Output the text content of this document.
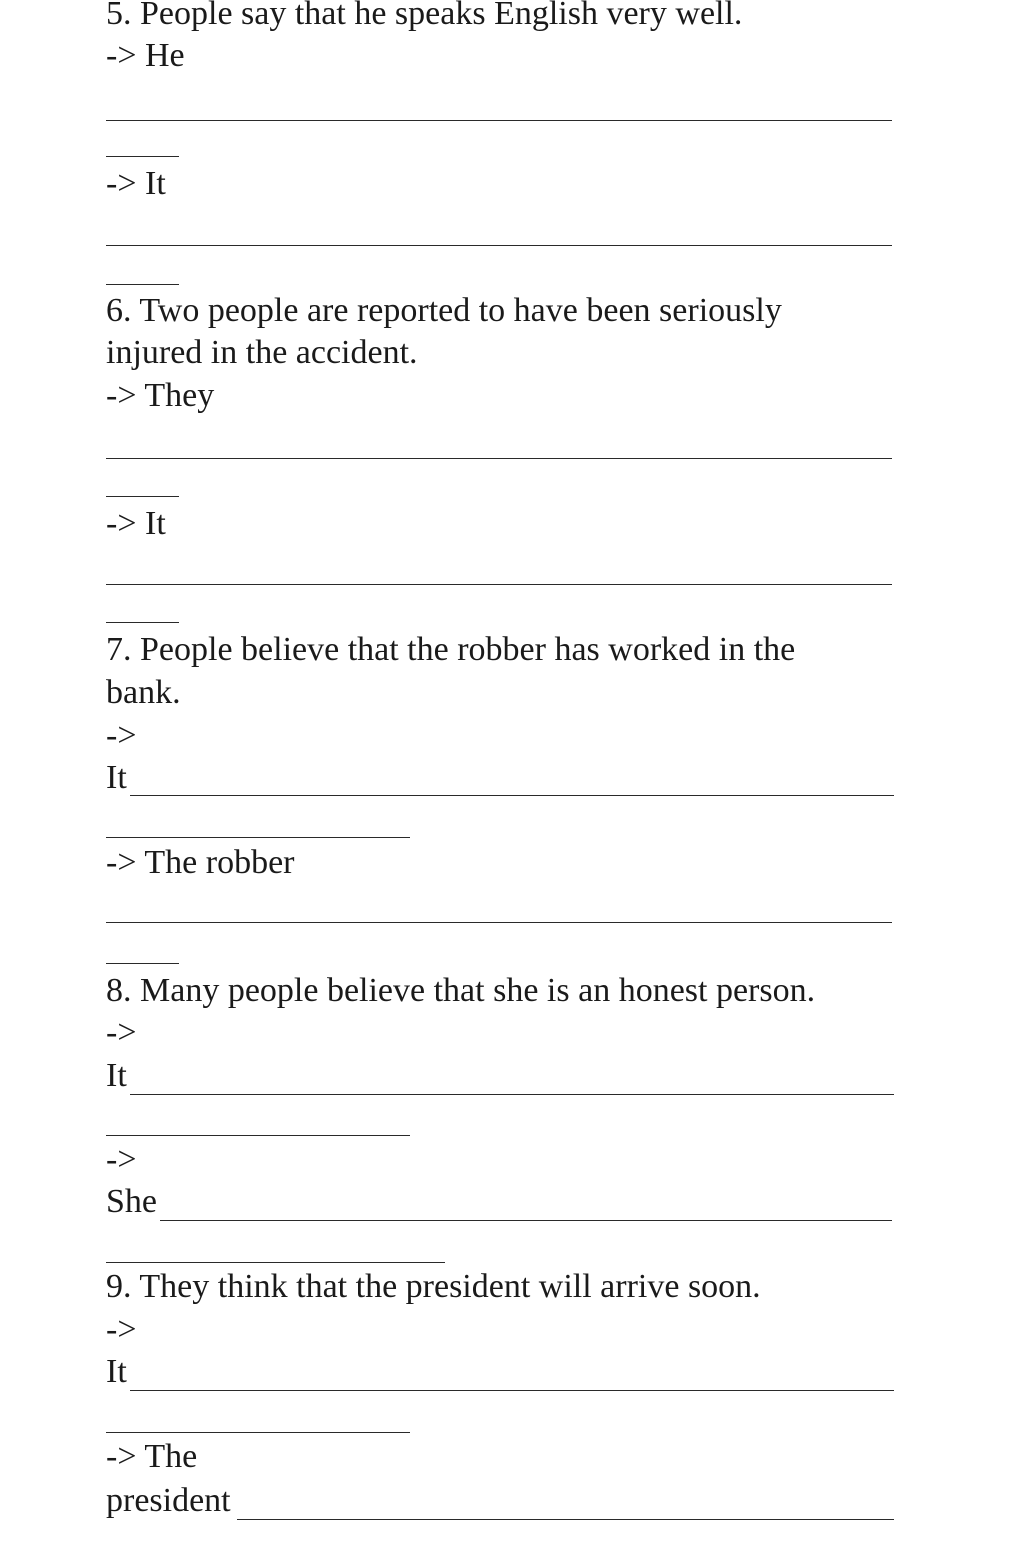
5. People say that he speaks English very well.
-> He
-> It
6. Two people are reported to have been seriously
injured in the accident.
-> They
-> It
7. People believe that the robber has worked in the
bank.
->
It
-> The robber
8. Many people believe that she is an honest person.
->
It
->
She
9. They think that the president will arrive soon.
->
It
-> The
president
